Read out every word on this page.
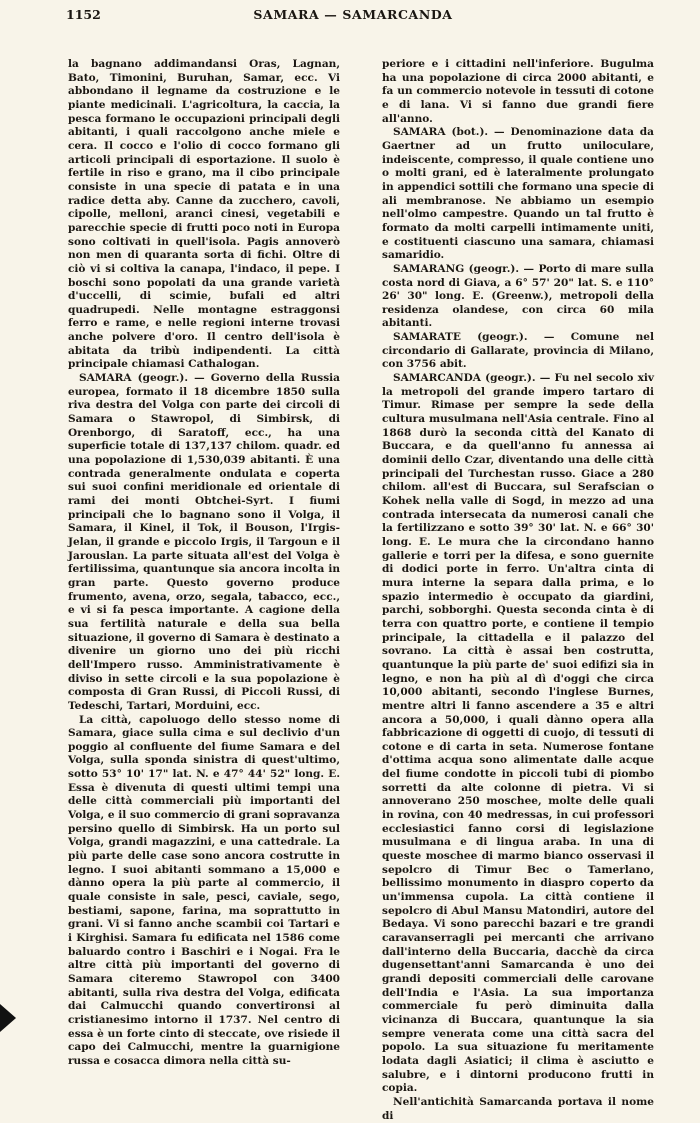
1152	SAMARA — SAMARCANDA

la bagnano addimandansi Oras, Lagnan, Bato, Timonini, Buruhan, Samar, ecc. Vi abbondano il legname da costruzione e le piante medicinali. L'agricoltura, la caccia, la pesca formano le occupazioni principali degli abitanti, i quali raccolgono anche miele e cera. Il cocco e l'olio di cocco formano gli articoli principali di esportazione. Il suolo è fertile in riso e grano, ma il cibo principale consiste in una specie di patata e in una radice detta aby. Canne da zucchero, cavoli, cipolle, melloni, aranci cinesi, vegetabili e parecchie specie di frutti poco noti in Europa sono coltivati in quell'isola. Pagis annoverò non men di quaranta sorta di fichi. Oltre di ciò vi si coltiva la canapa, l'indaco, il pepe. I boschi sono popolati da una grande varietà d'uccelli, di scimie, bufali ed altri quadrupedi. Nelle montagne estraggonsi ferro e rame, e nelle regioni interne trovasi anche polvere d'oro. Il centro dell'isola è abitata da tribù indipendenti. La città principale chiamasi Cathalogan.

SAMARA (geogr.). — Governo della Russia europea, formato il 18 dicembre 1850 sulla riva destra del Volga con parte dei circoli di Samara o Stawropol, di Simbirsk, di Orenborgo, di Saratoff, ecc., ha una superficie totale di 137,137 chilom. quadr. ed una popolazione di 1,530,039 abitanti. È una contrada generalmente ondulata e coperta sui suoi confini meridionale ed orientale di rami dei monti Obtchei-Syrt. I fiumi principali che lo bagnano sono il Volga, il Samara, il Kinel, il Tok, il Bouson, l'Irgis-Jelan, il grande e piccolo Irgis, il Targoun e il Jarouslan. La parte situata all'est del Volga è fertilissima, quantunque sia ancora incolta in gran parte. Questo governo produce frumento, avena, orzo, segala, tabacco, ecc., e vi si fa pesca importante. A cagione della sua fertilità naturale e della sua bella situazione, il governo di Samara è destinato a divenire un giorno uno dei più ricchi dell'Impero russo. Amministrativamente è diviso in sette circoli e la sua popolazione è composta di Gran Russi, di Piccoli Russi, di Tedeschi, Tartari, Morduini, ecc.

La città, capoluogo dello stesso nome di Samara, giace sulla cima e sul declivio d'un poggio al confluente del fiume Samara e del Volga, sulla sponda sinistra di quest'ultimo, sotto 53° 10' 17" lat. N. e 47° 44' 52" long. E. Essa è divenuta di questi ultimi tempi una delle città commerciali più importanti del Volga, e il suo commercio di grani sopravanza persino quello di Simbirsk. Ha un porto sul Volga, grandi magazzini, e una cattedrale. La più parte delle case sono ancora costrutte in legno. I suoi abitanti sommano a 15,000 e dànno opera la più parte al commercio, il quale consiste in sale, pesci, caviale, sego, bestiami, sapone, farina, ma soprattutto in grani. Vi si fanno anche scambii coi Tartari e i Kirghisi. Samara fu edificata nel 1586 come baluardo contro i Baschiri e i Nogai. Fra le altre città più importanti del governo di Samara citeremo Stawropol con 3400 abitanti, sulla riva destra del Volga, edificata dai Calmucchi quando convertironsi al cristianesimo intorno il 1737. Nel centro di essa è un forte cinto di steccate, ove risiede il capo dei Calmucchi, mentre la guarnigione russa e cosacca dimora nella città su-

periore e i cittadini nell'inferiore. Bugulma ha una popolazione di circa 2000 abitanti, e fa un commercio notevole in tessuti di cotone e di lana. Vi si fanno due grandi fiere all'anno.

SAMARA (bot.). — Denominazione data da Gaertner ad un frutto uniloculare, indeiscente, compresso, il quale contiene uno o molti grani, ed è lateralmente prolungato in appendici sottili che formano una specie di ali membranose. Ne abbiamo un esempio nell'olmo campestre. Quando un tal frutto è formato da molti carpelli intimamente uniti, e costituenti ciascuno una samara, chiamasi samaridio.

SAMARANG (geogr.). — Porto di mare sulla costa nord di Giava, a 6° 57' 20" lat. S. e 110° 26' 30" long. E. (Greenw.), metropoli della residenza olandese, con circa 60 mila abitanti.

SAMARATE (geogr.). — Comune nel circondario di Gallarate, provincia di Milano, con 3756 abit.

SAMARCANDA (geogr.). — Fu nel secolo xiv la metropoli del grande impero tartaro di Timur. Rimase per sempre la sede della cultura musulmana nell'Asia centrale. Fino al 1868 durò la seconda città del Kanato di Buccara, e da quell'anno fu annessa ai dominii dello Czar, diventando una delle città principali del Turchestan russo. Giace a 280 chilom. all'est di Buccara, sul Serafscian o Kohek nella valle di Sogd, in mezzo ad una contrada intersecata da numerosi canali che la fertilizzano e sotto 39° 30' lat. N. e 66° 30' long. E. Le mura che la circondano hanno gallerie e torri per la difesa, e sono guernite di dodici porte in ferro. Un'altra cinta di mura interne la separa dalla prima, e lo spazio intermedio è occupato da giardini, parchi, sobborghi. Questa seconda cinta è di terra con quattro porte, e contiene il tempio principale, la cittadella e il palazzo del sovrano. La città è assai ben costrutta, quantunque la più parte de' suoi edifizi sia in legno, e non ha più al dì d'oggi che circa 10,000 abitanti, secondo l'inglese Burnes, mentre altri li fanno ascendere a 35 e altri ancora a 50,000, i quali dànno opera alla fabbricazione di oggetti di cuojo, di tessuti di cotone e di carta in seta. Numerose fontane d'ottima acqua sono alimentate dalle acque del fiume condotte in piccoli tubi di piombo sorretti da alte colonne di pietra. Vi si annoverano 250 moschee, molte delle quali in rovina, con 40 medressas, in cui professori ecclesiastici fanno corsi di legislazione musulmana e di lingua araba. In una di queste moschee di marmo bianco osservasi il sepolcro di Timur Bec o Tamerlano, bellissimo monumento in diaspro coperto da un'immensa cupola. La città contiene il sepolcro di Abul Mansu Matondiri, autore del Bedaya. Vi sono parecchi bazari e tre grandi caravanserragli pei mercanti che arrivano dall'interno della Buccaria, dacchè da circa dugensettant'anni Samarcanda è uno dei grandi depositi commerciali delle carovane dell'India e l'Asia. La sua importanza commerciale fu però diminuita dalla vicinanza di Buccara, quantunque la sia sempre venerata come una città sacra del popolo. La sua situazione fu meritamente lodata dagli Asiatici; il clima è asciutto e salubre, e i dintorni producono frutti in copia.

Nell'antichità Samarcanda portava il nome di
